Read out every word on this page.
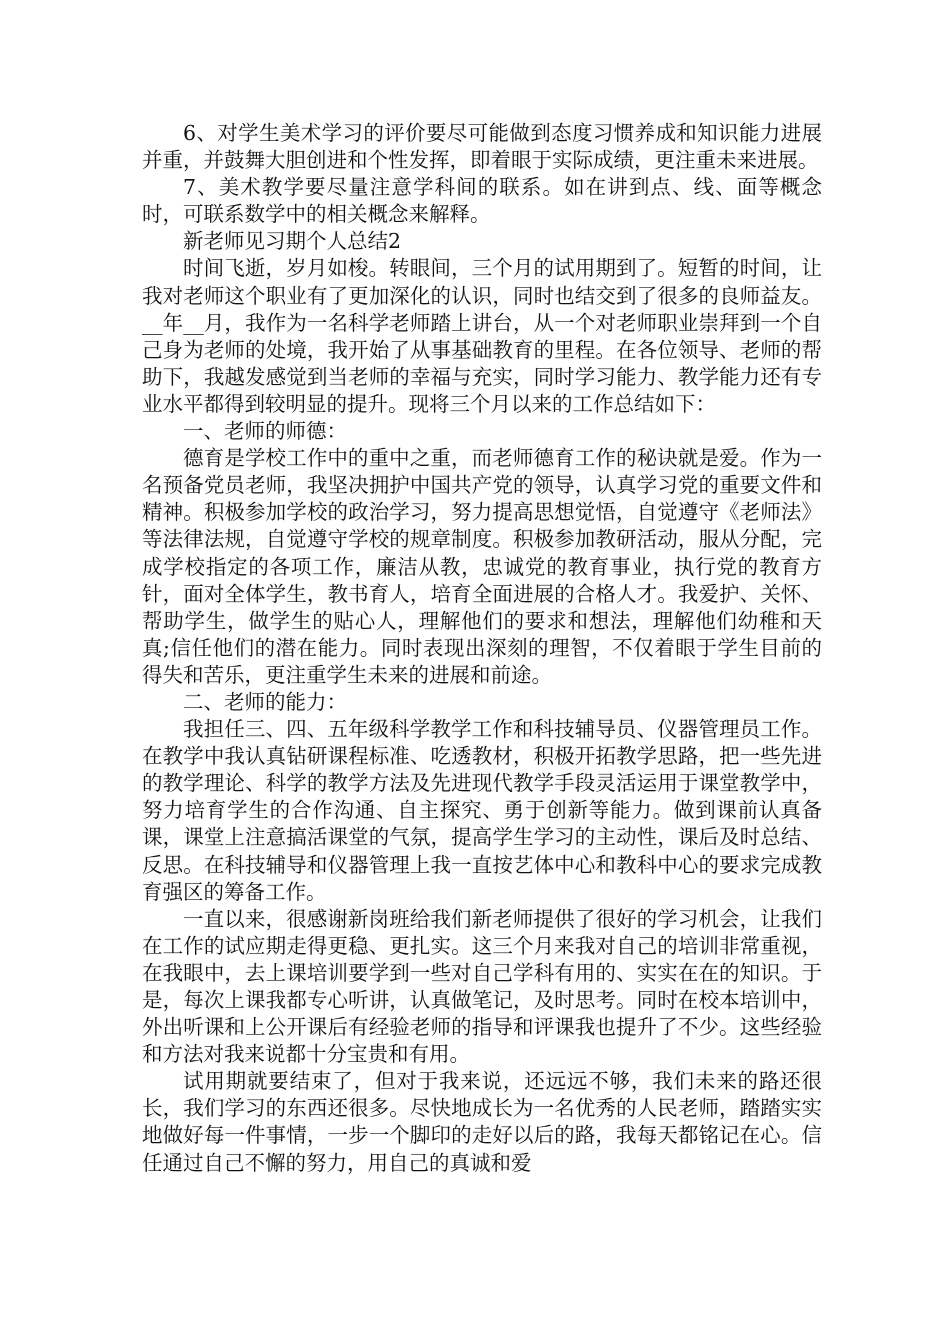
6、对学生美术学习的评价要尽可能做到态度习惯养成和知识能力进展并重，并鼓舞大胆创进和个性发挥，即着眼于实际成绩，更注重未来进展。

7、美术教学要尽量注意学科间的联系。如在讲到点、线、面等概念时，可联系数学中的相关概念来解释。

新老师见习期个人总结2

时间飞逝，岁月如梭。转眼间，三个月的试用期到了。短暂的时间，让我对老师这个职业有了更加深化的认识，同时也结交到了很多的良师益友。__年__月，我作为一名科学老师踏上讲台，从一个对老师职业崇拜到一个自己身为老师的处境，我开始了从事基础教育的里程。在各位领导、老师的帮助下，我越发感觉到当老师的幸福与充实，同时学习能力、教学能力还有专业水平都得到较明显的提升。现将三个月以来的工作总结如下：

一、老师的师德：

德育是学校工作中的重中之重，而老师德育工作的秘诀就是爱。作为一名预备党员老师，我坚决拥护中国共产党的领导，认真学习党的重要文件和精神。积极参加学校的政治学习，努力提高思想觉悟，自觉遵守《老师法》等法律法规，自觉遵守学校的规章制度。积极参加教研活动，服从分配，完成学校指定的各项工作，廉洁从教，忠诚党的教育事业，执行党的教育方针，面对全体学生，教书育人，培育全面进展的合格人才。我爱护、关怀、帮助学生，做学生的贴心人，理解他们的要求和想法，理解他们幼稚和天真;信任他们的潜在能力。同时表现出深刻的理智，不仅着眼于学生目前的得失和苦乐，更注重学生未来的进展和前途。

二、老师的能力：

我担任三、四、五年级科学教学工作和科技辅导员、仪器管理员工作。在教学中我认真钻研课程标准、吃透教材，积极开拓教学思路，把一些先进的教学理论、科学的教学方法及先进现代教学手段灵活运用于课堂教学中，努力培育学生的合作沟通、自主探究、勇于创新等能力。做到课前认真备课，课堂上注意搞活课堂的气氛，提高学生学习的主动性，课后及时总结、反思。在科技辅导和仪器管理上我一直按艺体中心和教科中心的要求完成教育强区的筹备工作。

一直以来，很感谢新岗班给我们新老师提供了很好的学习机会，让我们在工作的试应期走得更稳、更扎实。这三个月来我对自己的培训非常重视，在我眼中，去上课培训要学到一些对自己学科有用的、实实在在的知识。于是，每次上课我都专心听讲，认真做笔记，及时思考。同时在校本培训中，外出听课和上公开课后有经验老师的指导和评课我也提升了不少。这些经验和方法对我来说都十分宝贵和有用。

试用期就要结束了，但对于我来说，还远远不够，我们未来的路还很长，我们学习的东西还很多。尽快地成长为一名优秀的人民老师，踏踏实实地做好每一件事情，一步一个脚印的走好以后的路，我每天都铭记在心。信任通过自己不懈的努力，用自己的真诚和爱
